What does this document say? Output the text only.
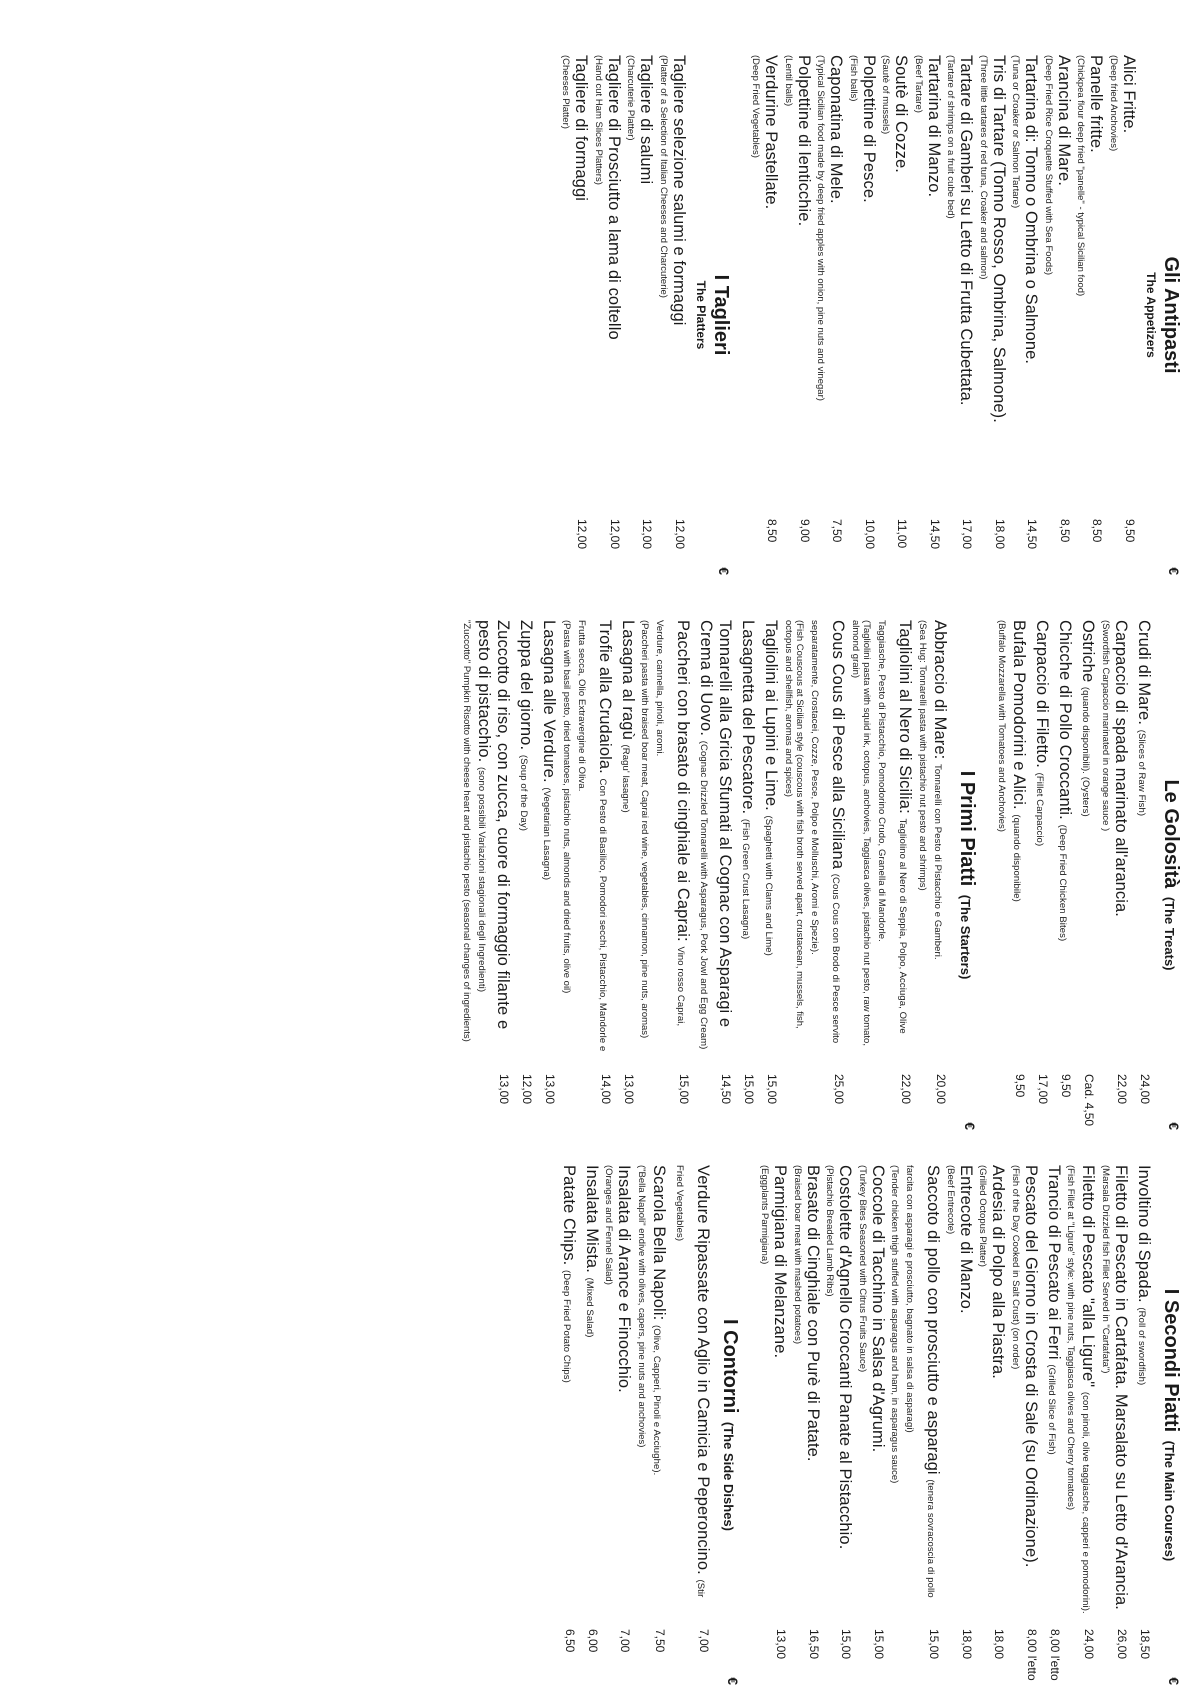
€
Gli Antipasti
The Appetizers
Alici Fritte.
(Deep fried Anchovies)
9,50
Panelle fritte.
(Chickpea flour deep fried "panelle" - typical Sicilian food)
8,50
Arancina di Mare.
(Deep Fried Rice Croquette Stuffed with Sea Foods)
8,50
Tartarina di: Tonno o Ombrina o Salmone.
(Tuna or Croaker or Salmon Tartare)
14,50
Tris di Tartare (Tonno Rosso, Ombrina, Salmone).
(Three little tartares of red tuna, Croaker and salmon)
18,00
Tartare di Gamberi su Letto di Frutta Cubettata.
(Tartare of shrimps on a fruit cube bed)
17,00
Tartarina di Manzo.
(Beef Tartare)
14,50
Soutè di Cozze.
(Sautè of mussels)
11,00
Polpettine di Pesce.
(Fish balls)
10,00
Caponatina di Mele.
(Typical Sicilian food made by deep fried apples with onion, pine nuts and vinegar)
7,50
Polpettine di lenticchie.
(Lentil balls)
9,00
Verdurine Pastellate.
(Deep Fried Vegetables)
8,50
€
I Taglieri
The Platters
Tagliere selezione salumi e formaggi
(Platter of a Selection of Italian Cheeses and Charcuterie)
12,00
Tagliere di salumi
(Charcuterie Platter)
12,00
Tagliere di Prosciutto a lama di coltello
(Hand cut Ham Slices Platters)
12,00
Tagliere di formaggi
(Cheeses Platter)
12,00
€
Le Golosità (The Treats)
Crudi di Mare. (Slices of Raw Fish)
24,00
Carpaccio di spada marinato all'arancia.
(Swordfish Carpaccio marinated in orange sauce )
22,00
Ostriche (quando disponibili). (Oysters)
Cad. 4,50
Chicche di Pollo Croccanti. (Deep Fried Chicken Bites)
9,50
Carpaccio di Filetto. (Fillet Carpaccio)
17,00
Bufala Pomodorini e Alici. (quando disponibile)
(Buffalo Mozzarella with Tomatoes and Anchovies)
9,50
€
I Primi Piatti (The Starters)
Abbraccio di Mare: Tonnarelli con Pesto di Pistacchio e Gamberi.
(Sea Hug: Tonnarelli pasta with pistachio nut pesto and shrimps)
20,00
Tagliolini al Nero di Sicilia: Tagliolino al Nero di Seppia, Polpo, Acciuga, Olive Taggiasche, Pesto di Pistacchio, Pomodorino Crudo, Granella di Mandorle.
(Tagliolini pasta with squid ink, octopus, anchovies, Taggiasca olives, pistachio nut pesto, raw tomato, almond grain)
22,00
Cous Cous di Pesce alla Siciliana (Cous Cous con Brodo di Pesce servito separatamente, Crostacei, Cozze, Pesce, Polpo e Molluschi, Aromi e Spezie).
(Fish Couscous at Sicilian style (couscous with fish broth served apart, crustacean, mussels, fish, octopus and shellfish, aromas and spices)
25,00
Tagliolini ai Lupini e Lime. (Spaghetti with Clams and Lime)
15,00
Lasagnetta del Pescatore. (Fish Green Crust Lasagna)
15,00
Tonnarelli alla Gricia Sfumati al Cognac con Asparagi e Crema di Uovo. (Cognac Drizzled Tonnarelli with Asparagus, Pork Jowl and Egg Cream)
14,50
Paccheri con brasato di cinghiale ai Caprai: Vino rosso Caprai, Verdure, cannella, pinoli, aromi.
(Paccheri pasta with braised boar meat, Caprai red wine, vegetables, cinnamon, pine nuts, aromas)
15,00
Lasagna al ragù (Ragu' lasagne)
13,00
Trofie alla Crudaiola. Con Pesto di Basilico, Pomodori secchi, Pistacchio, Mandorle e Frutta secca, Olio Extravergine di Oliva.
(Pasta with basil pesto, dried tomatoes, pistachio nuts, almonds and dried fruits, olive oil)
14,00
Lasagna alle Verdure. (Vegetarian Lasagna)
13,00
Zuppa del giorno. (Soup of the Day)
12,00
Zuccotto di riso, con zucca, cuore di formaggio filante e pesto di pistacchio. (sono possibili Variazioni stagionali degli Ingredienti)
"Zuccotto" Pumpkin Risotto with cheese heart and pistachio pesto (seasonal changes of ingredients)
13,00
€
I Secondi Piatti (The Main Courses)
Involtino di Spada. (Roll of swordfish)
18,50
Filetto di Pescato in Cartafata. Marsalato su Letto d'Arancia.
(Marsala Drizzled fish Fillet Served in "Cartafata")
26,00
Filetto di Pescato "alla Ligure" (con pinoli, olive taggiasche, capperi e pomodorini).
(Fish Fillet at "Ligure" style: with pine nuts, Taggiasca olives and Cherry tomatoes)
24,00
Trancio di Pescato ai Ferri (Grilled Slice of Fish)
8,00 l'etto
Pescato del Giorno in Crosta di Sale (su Ordinazione).
(Fish of the Day Cooked in Salt Crust) (on order)
8,00 l'etto
Ardesia di Polpo alla Piastra.
(Grilled Octopus Platter)
18,00
Entrecote di Manzo.
(Beef Entrecote)
18,00
Saccoto di pollo con prosciutto e asparagi (tenera sovracoscia di pollo farcita con asparagi e prosciutto, bagnato in salsa di asparagi)
(Tender chicken thigh stuffed with asparagus and ham, in asparagus sauce)
15,00
Coccole di Tacchino in Salsa d'Agrumi.
(Turkey Bites Seasoned with Citrus Fruits Sauce)
15,00
Costolette d'Agnello Croccanti Panate al Pistacchio.
(Pistachio Breaded Lamb Ribs)
15,00
Brasato di Cinghiale con Purè di Patate.
(Braised boar meat with mashed potatoes)
16,50
Parmigiana di Melanzane.
(Eggplants Parmigiana)
13,00
€
I Contorni (The Side Dishes)
Verdure Ripassate con Aglio in Camicia e Peperoncino. (Stir Fried Vegetables)
7,00
Scarola Bella Napoli: (Olive, Capperi, Pinoli e Acciughe).
("Bella Napoli" endive with olives, capers, pine nuts and anchovies)
7,50
Insalata di Arance e Finocchio.
(Oranges and Fennel Salad)
7,00
Insalata Mista. (Mixed Salad)
6,00
Patate Chips. (Deep Fried Potato Chips)
6,50
